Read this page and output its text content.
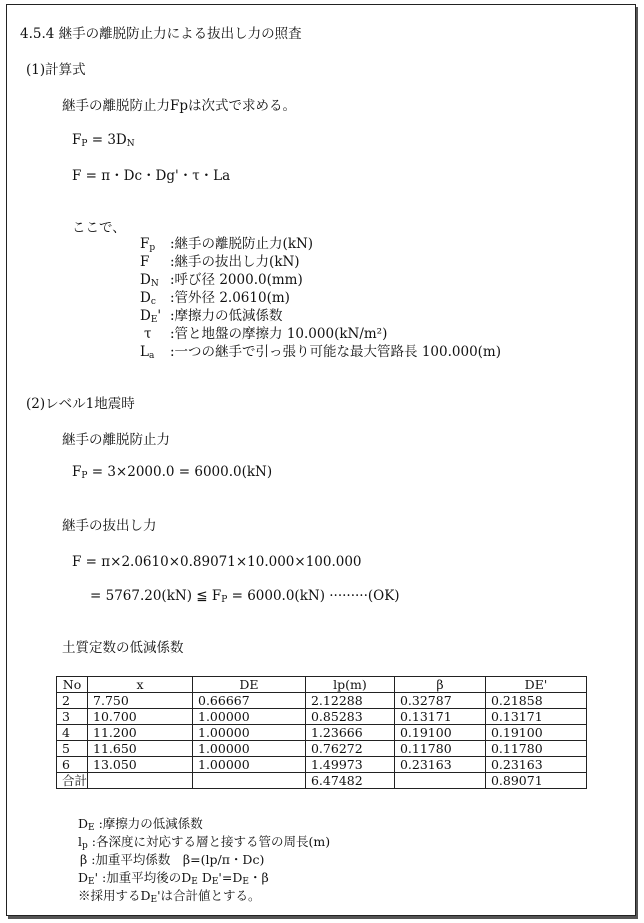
4.5.4 継手の離脱防止力による抜出し力の照査
(1)計算式
継手の離脱防止力Fpは次式で求める。
$F_P = 3D_N$
F = π・Dc・Dg'・τ・La
ここで、
$F_p$ :継手の離脱防止力(kN)
F :継手の抜出し力(kN)
$D_N$ :呼び径 2000.0(mm)
$D_c$ :管外径 2.0610(m)
$D_E'$ :摩擦力の低減係数
τ :管と地盤の摩擦力 10.000(kN/m²)
$L_a$ :一つの継手で引っ張り可能な最大管路長 100.000(m)
(2)レベル1地震時
継手の離脱防止力
$F_P = 3\times 2000.0 = 6000.0(kN)$
継手の抜出し力
F = π×2.0610×0.89071×10.000×100.000
= 5767.20(kN) ≦ $F_P = 6000.0(kN) \cdot\cdot\cdot\cdot\cdot\cdot\cdot\cdot\cdot(OK)$
土質定数の低減係数
No	x	DE	lp(m)	β	DE'
2	7.750	0.66667	2.12288	0.32787	0.21858
3	10.700	1.00000	0.85283	0.13171	0.13171
4	11.200	1.00000	1.23666	0.19100	0.19100
5	11.650	1.00000	0.76272	0.11780	0.11780
6	13.050	1.00000	1.49973	0.23163	0.23163
合計			6.47482		0.89071
$D_E$ :摩擦力の低減係数
$l_p$ :各深度に対応する層と接する管の周長(m)
β :加重平均係数　β=(lp/π・Dc)
$D_E'$ :加重平均後の$D_E$ $D_E'=D_E$・β
※採用する$D_E'$は合計値とする。
